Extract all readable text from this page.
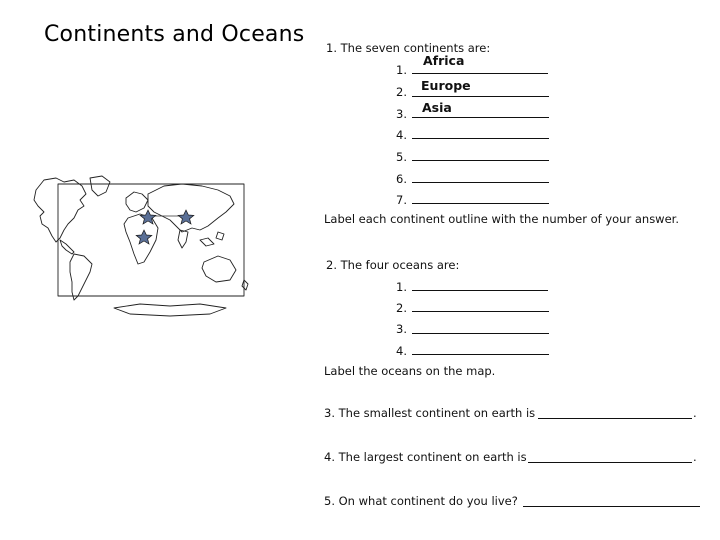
Continents and Oceans
1. The seven continents are:
1.
Africa
2. Europe
3. Asia
4.
5.
6.
7.
Label each continent outline with the number of your answer.
2. The four oceans are:
1.
2.
3.
4.
Label the oceans on the map.
3. The smallest continent on earth is	.
4. The largest continent on earth is	.
5. On what continent do you live?
